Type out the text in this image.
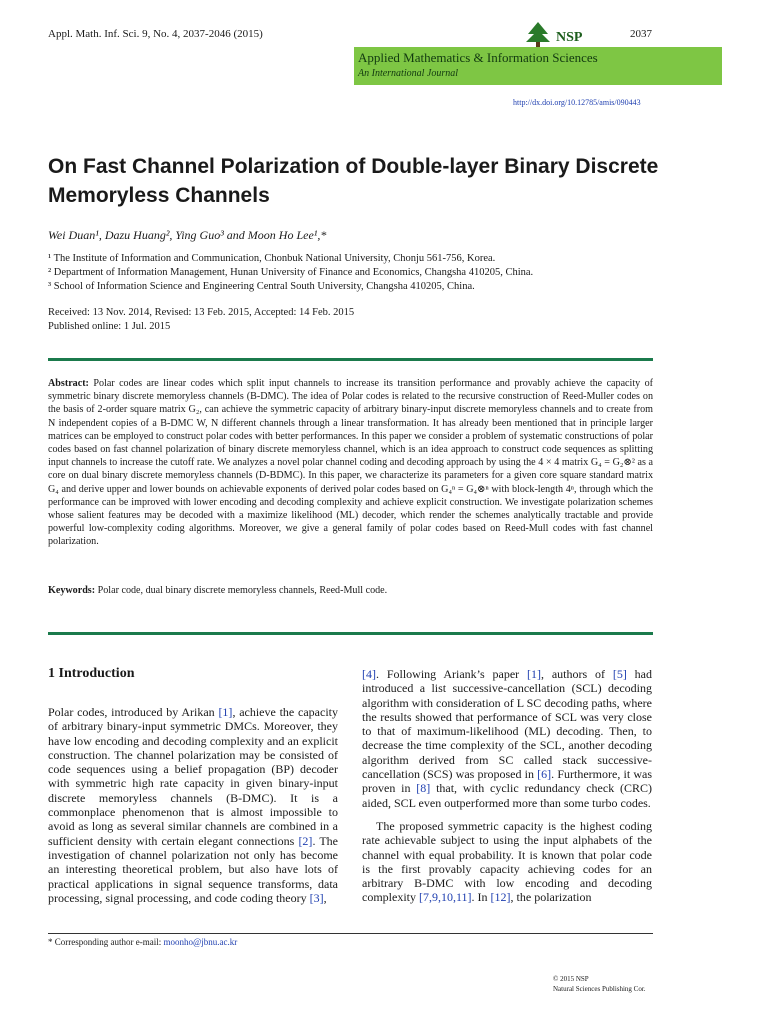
Appl. Math. Inf. Sci. 9, No. 4, 2037-2046 (2015)	NSP	2037
Applied Mathematics & Information Sciences
An International Journal
http://dx.doi.org/10.12785/amis/090443
On Fast Channel Polarization of Double-layer Binary Discrete Memoryless Channels
Wei Duan¹, Dazu Huang², Ying Guo³ and Moon Ho Lee¹,*
¹ The Institute of Information and Communication, Chonbuk National University, Chonju 561-756, Korea.
² Department of Information Management, Hunan University of Finance and Economics, Changsha 410205, China.
³ School of Information Science and Engineering Central South University, Changsha 410205, China.
Received: 13 Nov. 2014, Revised: 13 Feb. 2015, Accepted: 14 Feb. 2015
Published online: 1 Jul. 2015
Abstract: Polar codes are linear codes which split input channels to increase its transition performance and provably achieve the capacity of symmetric binary discrete memoryless channels (B-DMC). The idea of Polar codes is related to the recursive construction of Reed-Muller codes on the basis of 2-order square matrix G₂, can achieve the symmetric capacity of arbitrary binary-input discrete memoryless channels and to create from N independent copies of a B-DMC W, N different channels through a linear transformation. It has already been mentioned that in principle larger matrices can be employed to construct polar codes with better performances. In this paper we consider a problem of systematic constructions of polar codes based on fast channel polarization of binary discrete memoryless channel, which is an idea approach to construct code sequences as splitting input channels to increase the cutoff rate. We analyzes a novel polar channel coding and decoding approach by using the 4 × 4 matrix G₄ = G₂⊗² as a core on dual binary discrete memoryless channels (D-BDMC). In this paper, we characterize its parameters for a given core square standard matrix G₄ and derive upper and lower bounds on achievable exponents of derived polar codes based on G₄ⁿ = G₄⊗ⁿ with block-length 4ⁿ, through which the performance can be improved with lower encoding and decoding complexity and achieve explicit construction. We investigate polarization schemes whose salient features may be decoded with a maximize likelihood (ML) decoder, which render the schemes analytically tractable and provide powerful low-complexity coding algorithms. Moreover, we give a general family of polar codes based on Reed-Mull codes with fast channel polarization.
Keywords: Polar code, dual binary discrete memoryless channels, Reed-Mull code.
1 Introduction
Polar codes, introduced by Arikan [1], achieve the capacity of arbitrary binary-input symmetric DMCs. Moreover, they have low encoding and decoding complexity and an explicit construction. The channel polarization may be consisted of code sequences using a belief propagation (BP) decoder with symmetric high rate capacity in given binary-input discrete memoryless channels (B-DMC). It is a commonplace phenomenon that is almost impossible to avoid as long as several similar channels are combined in a sufficient density with certain elegant connections [2]. The investigation of channel polarization not only has become an interesting theoretical problem, but also have lots of practical applications in signal sequence transforms, data processing, signal processing, and code coding theory [3],
[4]. Following Ariank’s paper [1], authors of [5] had introduced a list successive-cancellation (SCL) decoding algorithm with consideration of L SC decoding paths, where the results showed that performance of SCL was very close to that of maximum-likelihood (ML) decoding. Then, to decrease the time complexity of the SCL, another decoding algorithm derived from SC called stack successive-cancellation (SCS) was proposed in [6]. Furthermore, it was proven in [8] that, with cyclic redundancy check (CRC) aided, SCL even outperformed more than some turbo codes.
The proposed symmetric capacity is the highest coding rate achievable subject to using the input alphabets of the channel with equal probability. It is known that polar code is the first provably capacity achieving codes for an arbitrary B-DMC with low encoding and decoding complexity [7,9,10,11]. In [12], the polarization
* Corresponding author e-mail: moonho@jbnu.ac.kr
© 2015 NSP
Natural Sciences Publishing Cor.
